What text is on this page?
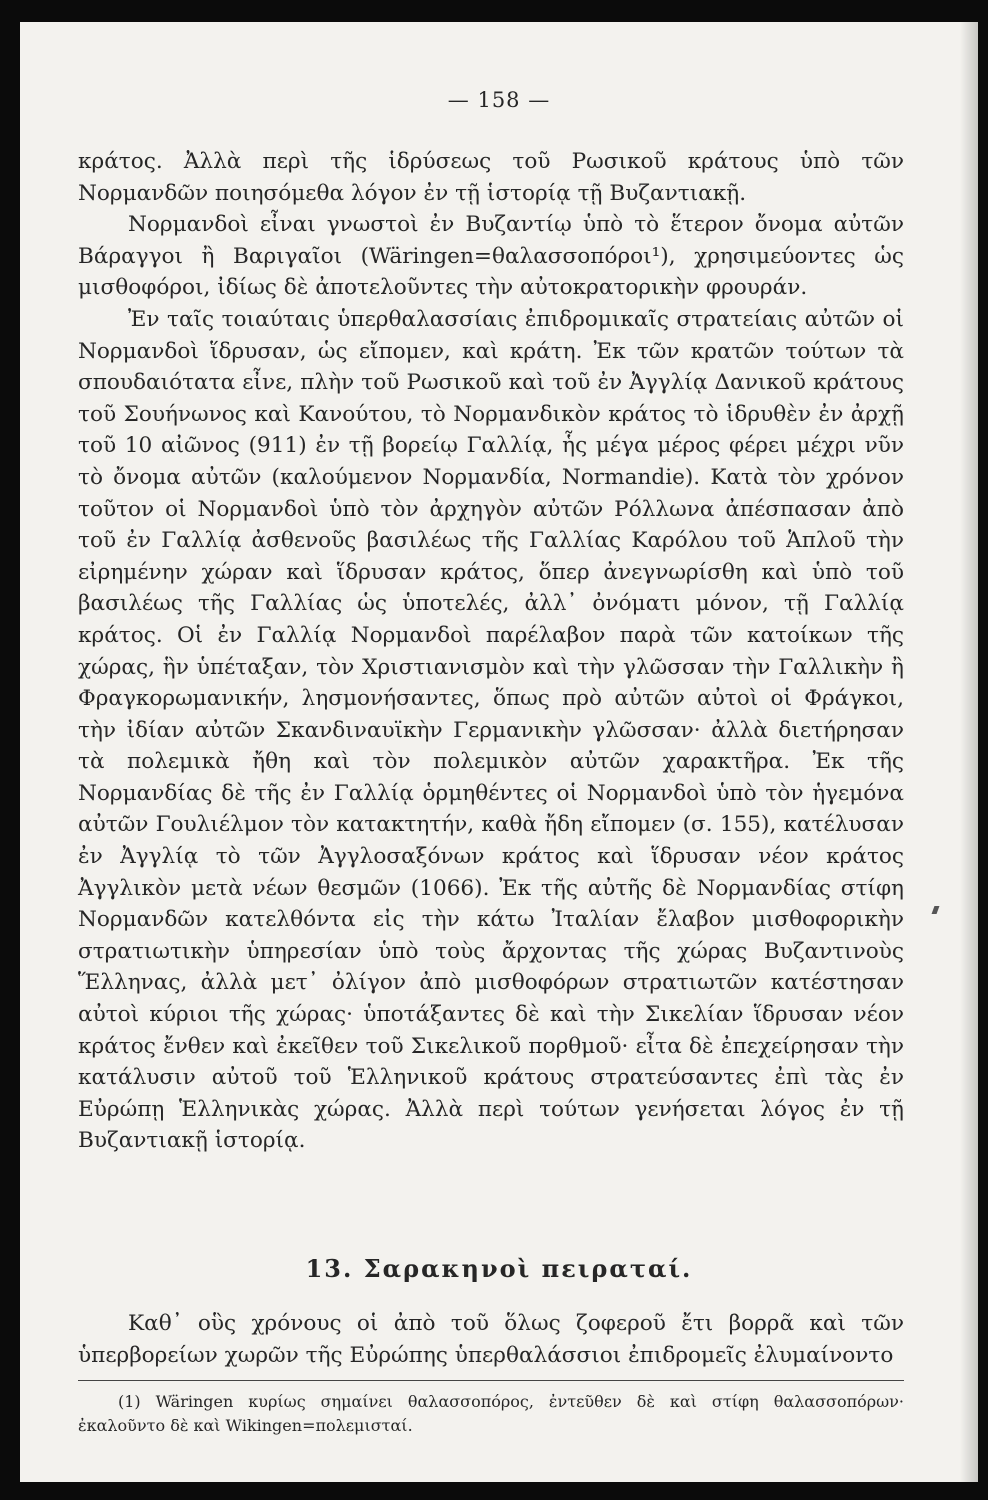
— 158 —

κράτος. Ἀλλὰ περὶ τῆς ἱδρύσεως τοῦ Ρωσικοῦ κράτους ὑπὸ τῶν Νορμανδῶν ποιησόμεθα λόγον ἐν τῇ ἱστορίᾳ τῇ Βυζαντιακῇ.

Νορμανδοὶ εἶναι γνωστοὶ ἐν Βυζαντίῳ ὑπὸ τὸ ἕτερον ὄνομα αὐτῶν Βάραγγοι ἢ Βαριγαῖοι (Wäringen=θαλασσοπόροι¹), χρησιμεύοντες ὡς μισθοφόροι, ἰδίως δὲ ἀποτελοῦντες τὴν αὐτοκρατορικὴν φρουράν.

Ἐν ταῖς τοιαύταις ὑπερθαλασσίαις ἐπιδρομικαῖς στρατείαις αὐτῶν οἱ Νορμανδοὶ ἵδρυσαν, ὡς εἴπομεν, καὶ κράτη. Ἐκ τῶν κρατῶν τούτων τὰ σπουδαιότατα εἶνε, πλὴν τοῦ Ρωσικοῦ καὶ τοῦ ἐν Ἀγγλίᾳ Δανικοῦ κράτους τοῦ Σουήνωνος καὶ Κανούτου, τὸ Νορμανδικὸν κράτος τὸ ἱδρυθὲν ἐν ἀρχῇ τοῦ 10 αἰῶνος (911) ἐν τῇ βορείῳ Γαλλίᾳ, ἧς μέγα μέρος φέρει μέχρι νῦν τὸ ὄνομα αὐτῶν (καλούμενον Νορμανδία, Normandie). Κατὰ τὸν χρόνον τοῦτον οἱ Νορμανδοὶ ὑπὸ τὸν ἀρχηγὸν αὐτῶν Ρόλλωνα ἀπέσπασαν ἀπὸ τοῦ ἐν Γαλλίᾳ ἀσθενοῦς βασιλέως τῆς Γαλλίας Καρόλου τοῦ Ἁπλοῦ τὴν εἰρημένην χώραν καὶ ἵδρυσαν κράτος, ὅπερ ἀνεγνωρίσθη καὶ ὑπὸ τοῦ βασιλέως τῆς Γαλλίας ὡς ὑποτελές, ἀλλ᾽ ὀνόματι μόνον, τῇ Γαλλίᾳ κράτος. Οἱ ἐν Γαλλίᾳ Νορμανδοὶ παρέλαβον παρὰ τῶν κατοίκων τῆς χώρας, ἣν ὑπέταξαν, τὸν Χριστιανισμὸν καὶ τὴν γλῶσσαν τὴν Γαλλικὴν ἢ Φραγκορωμανικήν, λησμονήσαντες, ὅπως πρὸ αὐτῶν αὐτοὶ οἱ Φράγκοι, τὴν ἰδίαν αὐτῶν Σκανδιναυϊκὴν Γερμανικὴν γλῶσσαν· ἀλλὰ διετήρησαν τὰ πολεμικὰ ἤθη καὶ τὸν πολεμικὸν αὐτῶν χαρακτῆρα. Ἐκ τῆς Νορμανδίας δὲ τῆς ἐν Γαλλίᾳ ὁρμηθέντες οἱ Νορμανδοὶ ὑπὸ τὸν ἡγεμόνα αὐτῶν Γουλιέλμον τὸν κατακτητήν, καθὰ ἤδη εἴπομεν (σ. 155), κατέλυσαν ἐν Ἀγγλίᾳ τὸ τῶν Ἀγγλοσαξόνων κράτος καὶ ἵδρυσαν νέον κράτος Ἀγγλικὸν μετὰ νέων θεσμῶν (1066). Ἐκ τῆς αὐτῆς δὲ Νορμανδίας στίφη Νορμανδῶν κατελθόντα εἰς τὴν κάτω Ἰταλίαν ἔλαβον μισθοφορικὴν στρατιωτικὴν ὑπηρεσίαν ὑπὸ τοὺς ἄρχοντας τῆς χώρας Βυζαντινοὺς Ἕλληνας, ἀλλὰ μετ᾽ ὀλίγον ἀπὸ μισθοφόρων στρατιωτῶν κατέστησαν αὐτοὶ κύριοι τῆς χώρας· ὑποτάξαντες δὲ καὶ τὴν Σικελίαν ἵδρυσαν νέον κράτος ἔνθεν καὶ ἐκεῖθεν τοῦ Σικελικοῦ πορθμοῦ· εἶτα δὲ ἐπεχείρησαν τὴν κατάλυσιν αὐτοῦ τοῦ Ἑλληνικοῦ κράτους στρατεύσαντες ἐπὶ τὰς ἐν Εὐρώπῃ Ἑλληνικὰς χώρας. Ἀλλὰ περὶ τούτων γενήσεται λόγος ἐν τῇ Βυζαντιακῇ ἱστορίᾳ.

13. Σαρακηνοὶ πειραταί.

Καθ᾽ οὓς χρόνους οἱ ἀπὸ τοῦ ὅλως ζοφεροῦ ἔτι βορρᾶ καὶ τῶν ὑπερβορείων χωρῶν τῆς Εὐρώπης ὑπερθαλάσσιοι ἐπιδρομεῖς ἐλυμαίνοντο

(1) Wäringen κυρίως σημαίνει θαλασσοπόρος, ἐντεῦθεν δὲ καὶ στίφη θαλασσοπόρων· ἐκαλοῦντο δὲ καὶ Wikingen=πολεμισταί.
